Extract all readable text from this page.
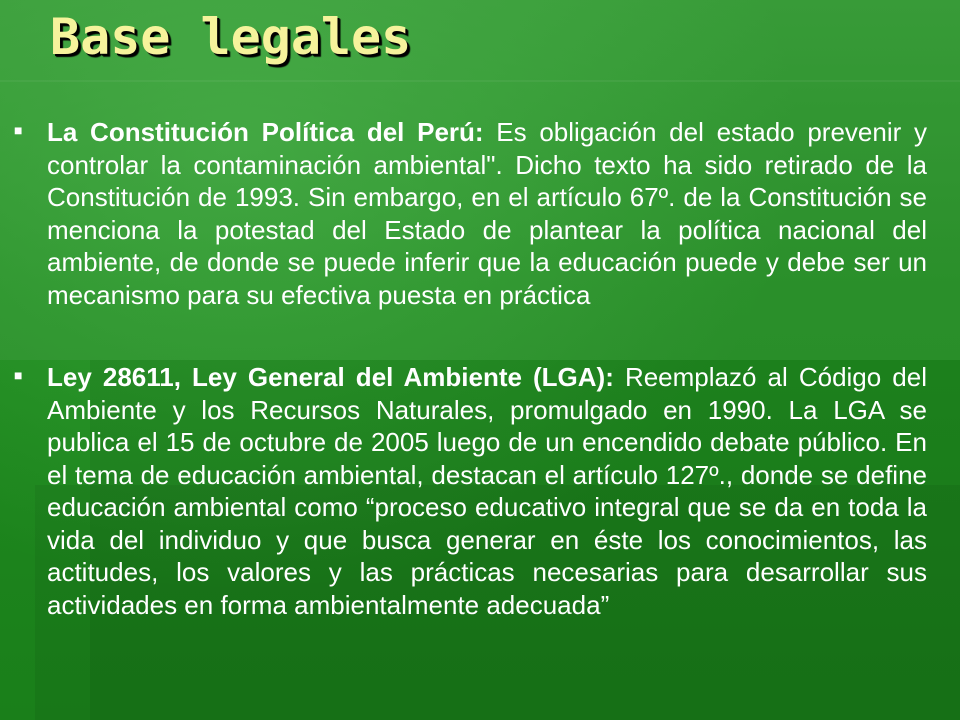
Base legales
■ La Constitución Política del Perú: Es obligación del estado prevenir y controlar la contaminación ambiental". Dicho texto ha sido retirado de la Constitución de 1993. Sin embargo, en el artículo 67º. de la Constitución se menciona la potestad del Estado de plantear la política nacional del ambiente, de donde se puede inferir que la educación puede y debe ser un mecanismo para su efectiva puesta en práctica
■ Ley 28611, Ley General del Ambiente (LGA): Reemplazó al Código del Ambiente y los Recursos Naturales, promulgado en 1990. La LGA se publica el 15 de octubre de 2005 luego de un encendido debate público. En el tema de educación ambiental, destacan el artículo 127º., donde se define educación ambiental como “proceso educativo integral que se da en toda la vida del individuo y que busca generar en éste los conocimientos, las actitudes, los valores y las prácticas necesarias para desarrollar sus actividades en forma ambientalmente adecuada”
